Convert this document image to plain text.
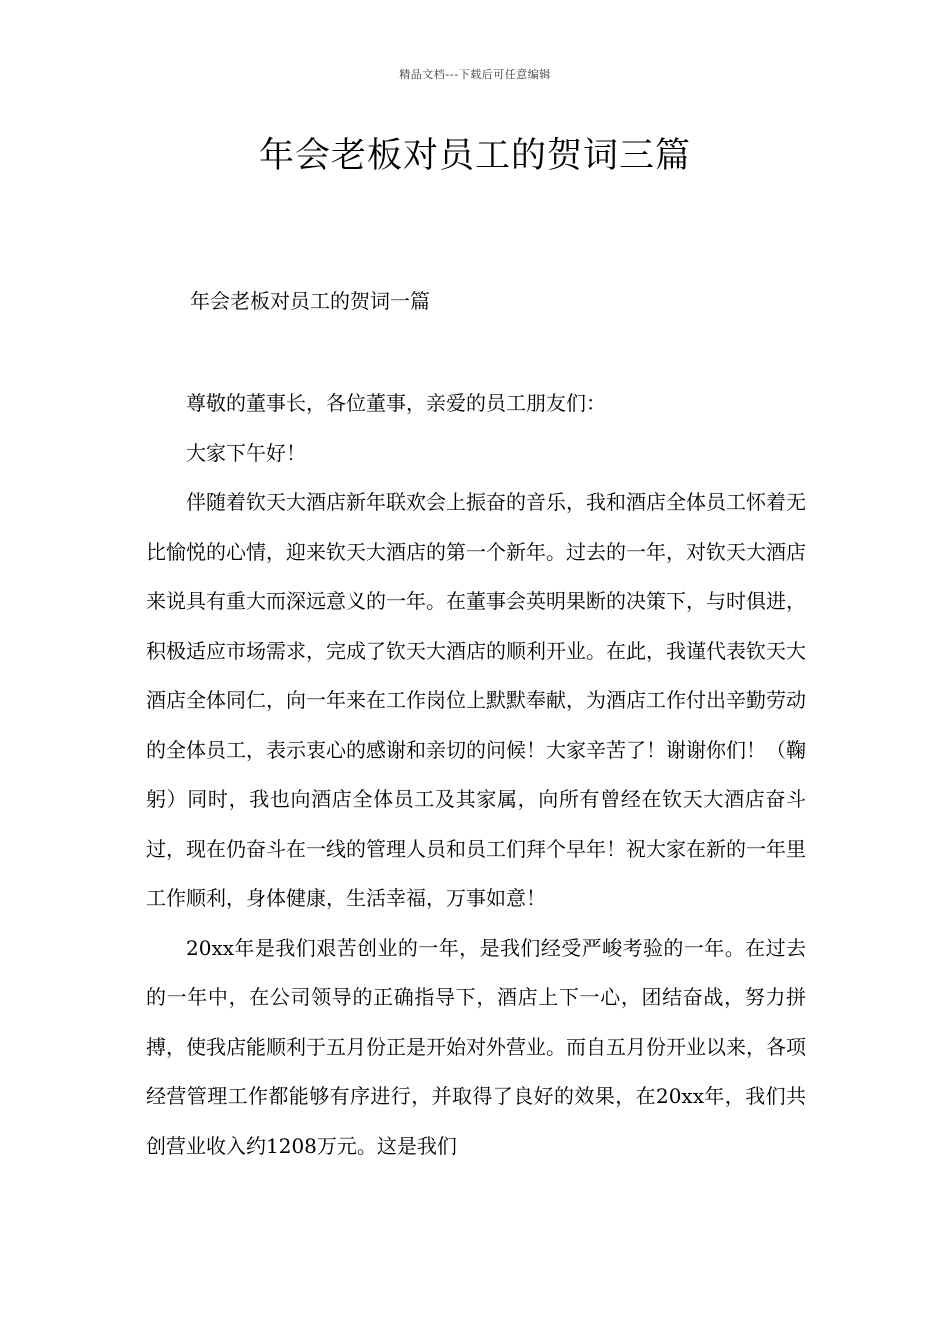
精品文档---下载后可任意编辑
年会老板对员工的贺词三篇
年会老板对员工的贺词一篇

尊敬的董事长，各位董事，亲爱的员工朋友们：

大家下午好！

伴随着钦天大酒店新年联欢会上振奋的音乐，我和酒店全体员工怀着无比愉悦的心情，迎来钦天大酒店的第一个新年。过去的一年，对钦天大酒店来说具有重大而深远意义的一年。在董事会英明果断的决策下，与时俱进，积极适应市场需求，完成了钦天大酒店的顺利开业。在此，我谨代表钦天大酒店全体同仁，向一年来在工作岗位上默默奉献，为酒店工作付出辛勤劳动的全体员工，表示衷心的感谢和亲切的问候！大家辛苦了！谢谢你们！（鞠躬）同时，我也向酒店全体员工及其家属，向所有曾经在钦天大酒店奋斗过，现在仍奋斗在一线的管理人员和员工们拜个早年！祝大家在新的一年里工作顺利，身体健康，生活幸福，万事如意！

20xx年是我们艰苦创业的一年，是我们经受严峻考验的一年。在过去的一年中，在公司领导的正确指导下，酒店上下一心，团结奋战，努力拼搏，使我店能顺利于五月份正是开始对外营业。而自五月份开业以来，各项经营管理工作都能够有序进行，并取得了良好的效果，在20xx年，我们共创营业收入约1208万元。这是我们
